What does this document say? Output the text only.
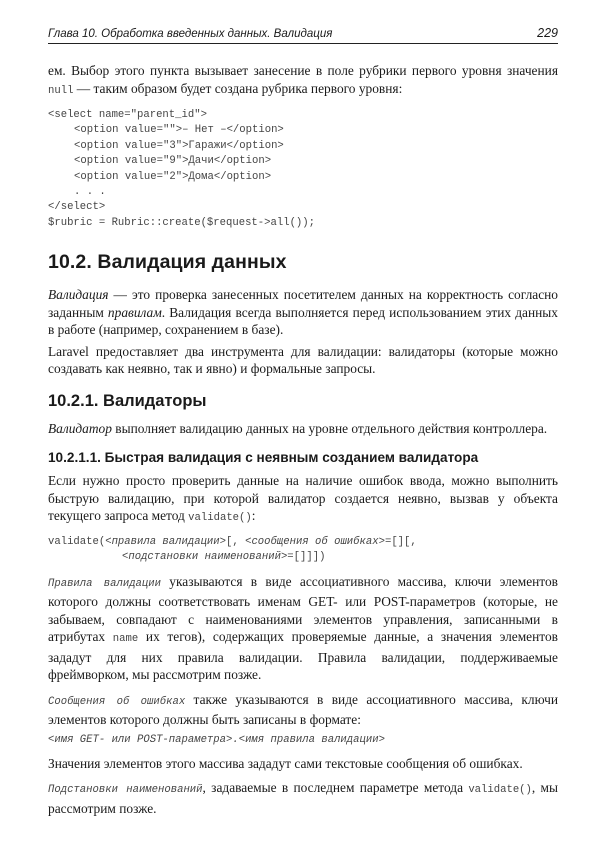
Глава 10. Обработка введенных данных. Валидация	229

ем. Выбор этого пункта вызывает занесение в поле рубрики первого уровня значения null — таким образом будет создана рубрика первого уровня:

<select name="parent_id">
<option value="">– Нет –</option>
<option value="3">Гаражи</option>
<option value="9">Дачи</option>
<option value="2">Дома</option>
. . .
</select>
$rubric = Rubric::create($request->all());
10.2. Валидация данных

Валидация — это проверка занесенных посетителем данных на корректность согласно заданным правилам. Валидация всегда выполняется перед использованием этих данных в работе (например, сохранением в базе).

Laravel предоставляет два инструмента для валидации: валидаторы (которые можно создавать как неявно, так и явно) и формальные запросы.

10.2.1. Валидаторы

Валидатор выполняет валидацию данных на уровне отдельного действия контроллера.

10.2.1.1. Быстрая валидация с неявным созданием валидатора

Если нужно просто проверить данные на наличие ошибок ввода, можно выполнить быструю валидацию, при которой валидатор создается неявно, вызвав у объекта текущего запроса метод validate():

validate(<правила валидации>[, <сообщения об ошибках>=[][,
<подстановки наименований>=[]]])

Правила валидации указываются в виде ассоциативного массива, ключи элементов которого должны соответствовать именам GET- или POST-параметров (которые, не забываем, совпадают с наименованиями элементов управления, записанными в атрибутах name их тегов), содержащих проверяемые данные, а значения элементов зададут для них правила валидации. Правила валидации, поддерживаемые фреймворком, мы рассмотрим позже.

Сообщения об ошибках также указываются в виде ассоциативного массива, ключи элементов которого должны быть записаны в формате:

<имя GET- или POST-параметра>.<имя правила валидации>

Значения элементов этого массива зададут сами текстовые сообщения об ошибках.

Подстановки наименований, задаваемые в последнем параметре метода validate(), мы рассмотрим позже.
